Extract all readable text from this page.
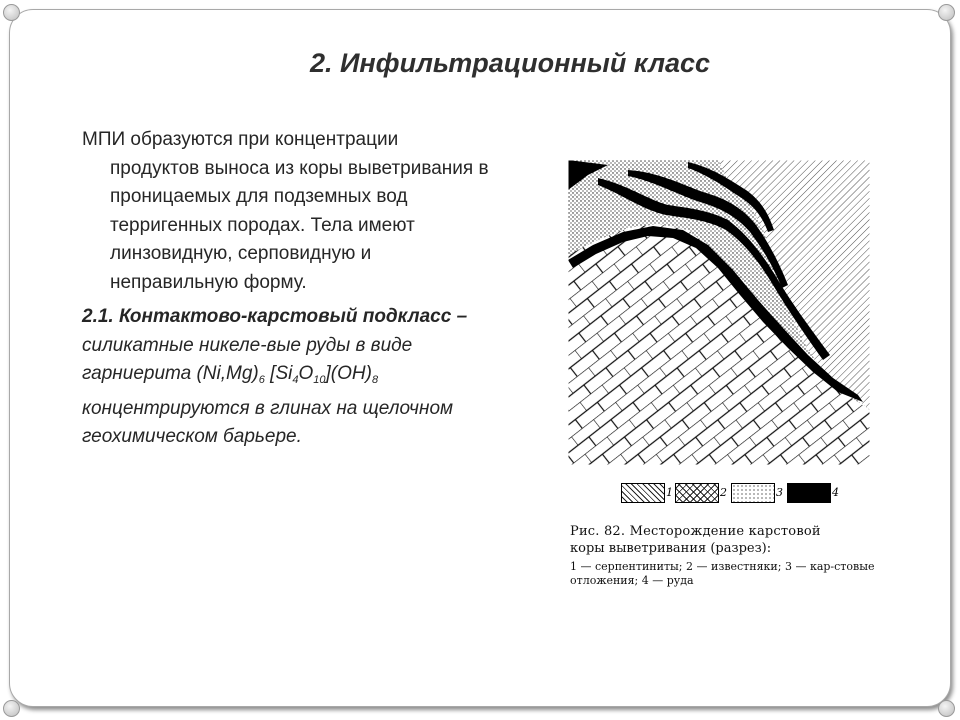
2. Инфильтрационный класс

МПИ образуются при концентрации

продуктов выноса из коры выветривания в проницаемых для подземных вод терригенных породах. Тела имеют линзовидную, серповидную и неправильную форму.

2.1. Контактово-карстовый подкласс – силикатные никеле-вые руды в виде гарниерита $(Ni,Mg)_6$ $[Si_4O_{10}](OH)_8$ концентрируются в глинах на щелочном геохимическом барьере.

1	2	3	4

Рис. 82. Месторождение карстовой

коры выветривания (разрез):

1 — серпентиниты; 2 — известняки; 3 — кар-стовые отложения; 4 — руда
